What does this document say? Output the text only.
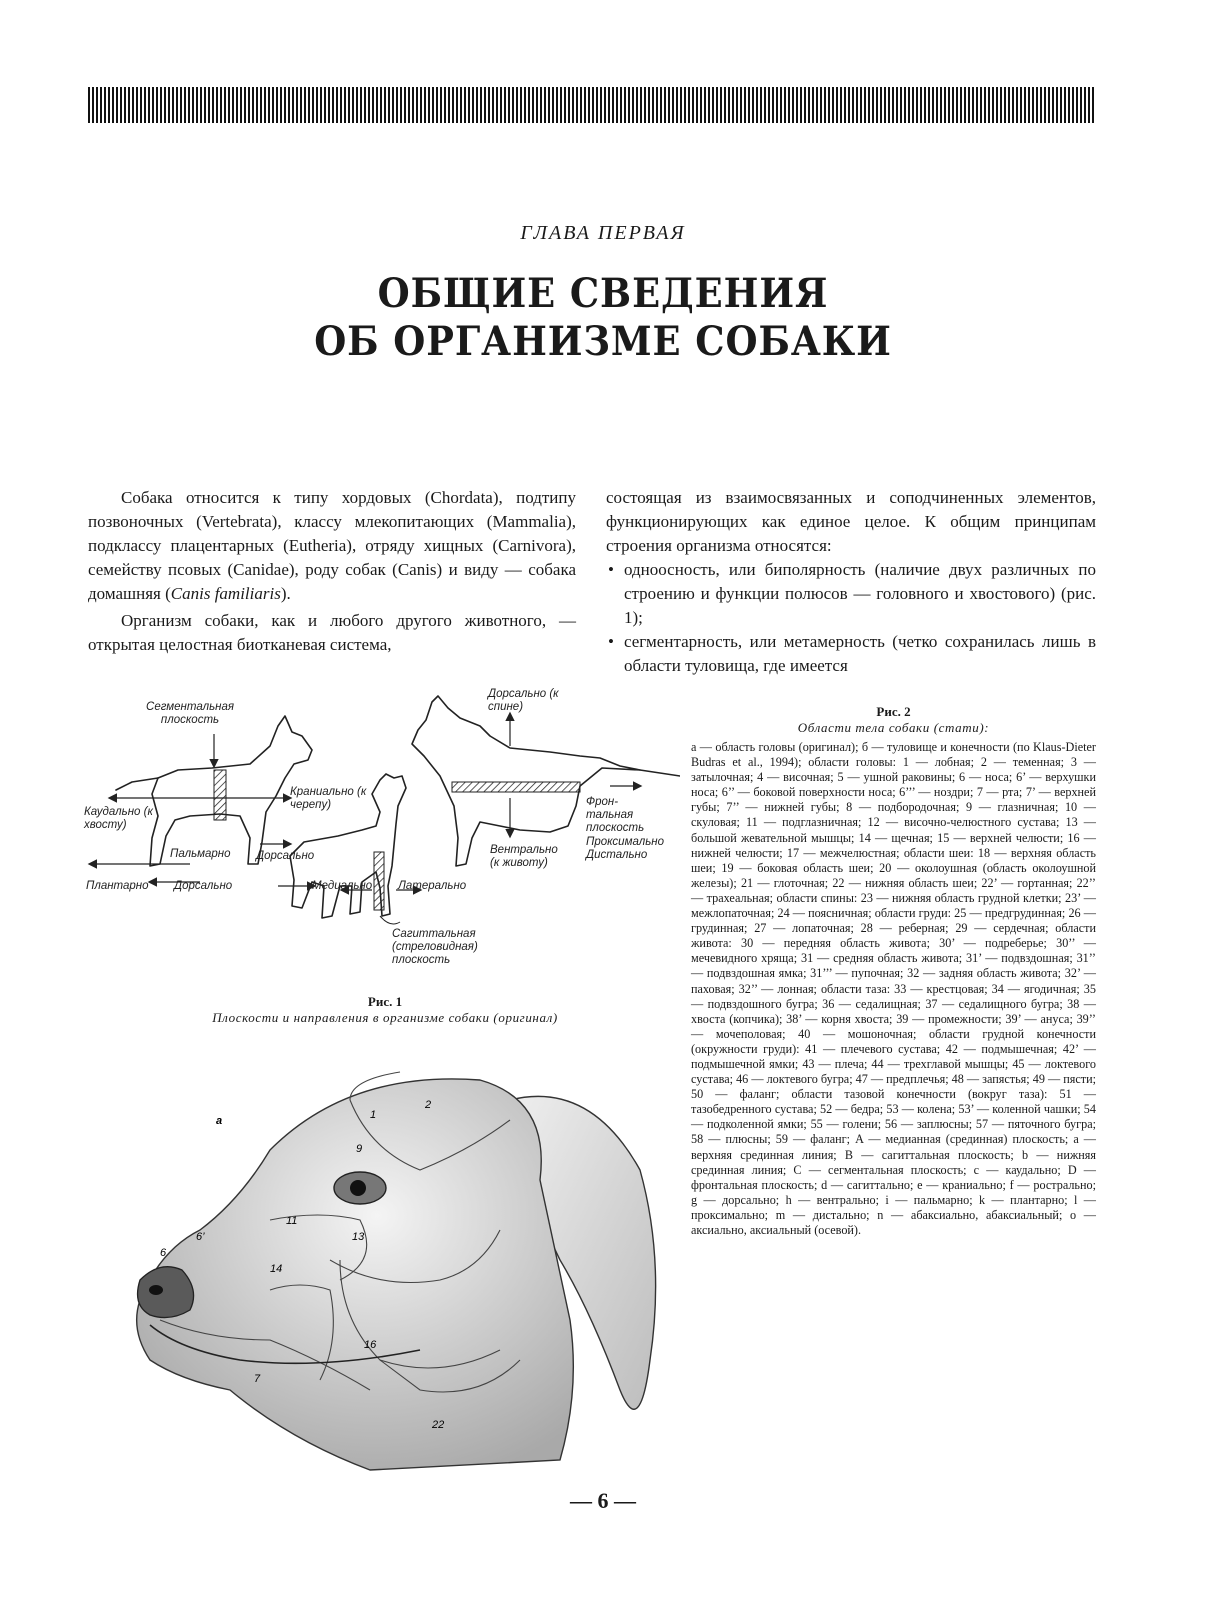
ГЛАВА ПЕРВАЯ
ОБЩИЕ СВЕДЕНИЯ
ОБ ОРГАНИЗМЕ СОБАКИ

Собака относится к типу хордовых (Chordata), подтипу позвоночных (Vertebrata), классу млекопитающих (Mammalia), подклассу плацентарных (Eutheria), отряду хищных (Carnivora), семейству псовых (Canidae), роду собак (Canis) и виду — собака домашняя (Canis familiaris).

Организм собаки, как и любого другого животного, — открытая целостная биотканевая система,

состоящая из взаимосвязанных и соподчиненных элементов, функционирующих как единое целое. К общим принципам строения организма относятся:

• одноосность, или биполярность (наличие двух различных по строению и функции полюсов — головного и хвостового) (рис. 1);
• сегментарность, или метамерность (четко сохранилась лишь в области туловища, где имеется
Сегментальная плоскость
Каудально (к хвосту)
Краниально (к черепу)
Пальмарно Дорсально
Плантарно Дорсально	Медиально Латерально
Сагиттальная (стреловидная) плоскость
Дорсально (к спине)
Вентрально (к животу)
Фронтальная плоскость
Проксимально
Дистально
Рис. 1
Плоскости и направления в организме собаки (оригинал)
а	1
2
9
6’
6
11
13
14
16
7
22
Рис. 2
Области тела собаки (стати):
а — область головы (оригинал); б — туловище и конечности (по Klaus-Dieter Budras et al., 1994); области головы: 1 — лобная; 2 — теменная; 3 — затылочная; 4 — височная; 5 — ушной раковины; 6 — носа; 6’ — верхушки носа; 6’’ — боковой поверхности носа; 6’’’ — ноздри; 7 — рта; 7’ — верхней губы; 7’’ — нижней губы; 8 — подбородочная; 9 — глазничная; 10 — скуловая; 11 — подглазничная; 12 — височно-челюстного сустава; 13 — большой жевательной мышцы; 14 — щечная; 15 — верхней челюсти; 16 — нижней челюсти; 17 — межчелюстная; области шеи: 18 — верхняя область шеи; 19 — боковая область шеи; 20 — околоушная (область околоушной железы); 21 — глоточная; 22 — нижняя область шеи; 22’ — гортанная; 22’’ — трахеальная; области спины: 23 — нижняя область грудной клетки; 23’ — межлопаточная; 24 — поясничная; области груди: 25 — предгрудинная; 26 — грудинная; 27 — лопаточная; 28 — реберная; 29 — сердечная; области живота: 30 — передняя область живота; 30’ — подреберье; 30’’ — мечевидного хряща; 31 — средняя область живота; 31’ — подвздошная; 31’’ — подвздошная ямка; 31’’’ — пупочная; 32 — задняя область живота; 32’ — паховая; 32’’ — лонная; области таза: 33 — крестцовая; 34 — ягодичная; 35 — подвздошного бугра; 36 — седалищная; 37 — седалищного бугра; 38 — хвоста (копчика); 38’ — корня хвоста; 39 — промежности; 39’ — ануса; 39’’ — мочеполовая; 40 — мошоночная; области грудной конечности (окружности груди): 41 — плечевого сустава; 42 — подмышечная; 42’ — подмышечной ямки; 43 — плеча; 44 — трехглавой мышцы; 45 — локтевого сустава; 46 — локтевого бугра; 47 — предплечья; 48 — запястья; 49 — пясти; 50 — фаланг; области тазовой конечности (вокруг таза): 51 — тазобедренного сустава; 52 — бедра; 53 — колена; 53’ — коленной чашки; 54 — подколенной ямки; 55 — голени; 56 — заплюсны; 57 — пяточного бугра; 58 — плюсны; 59 — фаланг; A — медианная (срединная) плоскость; a — верхняя срединная линия; B — сагиттальная плоскость; b — нижняя срединная линия; C — сегментальная плоскость; c — каудально; D — фронтальная плоскость; d — сагиттально; e — краниально; f — рострально; g — дорсально; h — вентрально; i — пальмарно; k — плантарно; l — проксимально; m — дистально; n — абаксиально, абаксиальный; o — аксиально, аксиальный (осевой).
— 6 —
